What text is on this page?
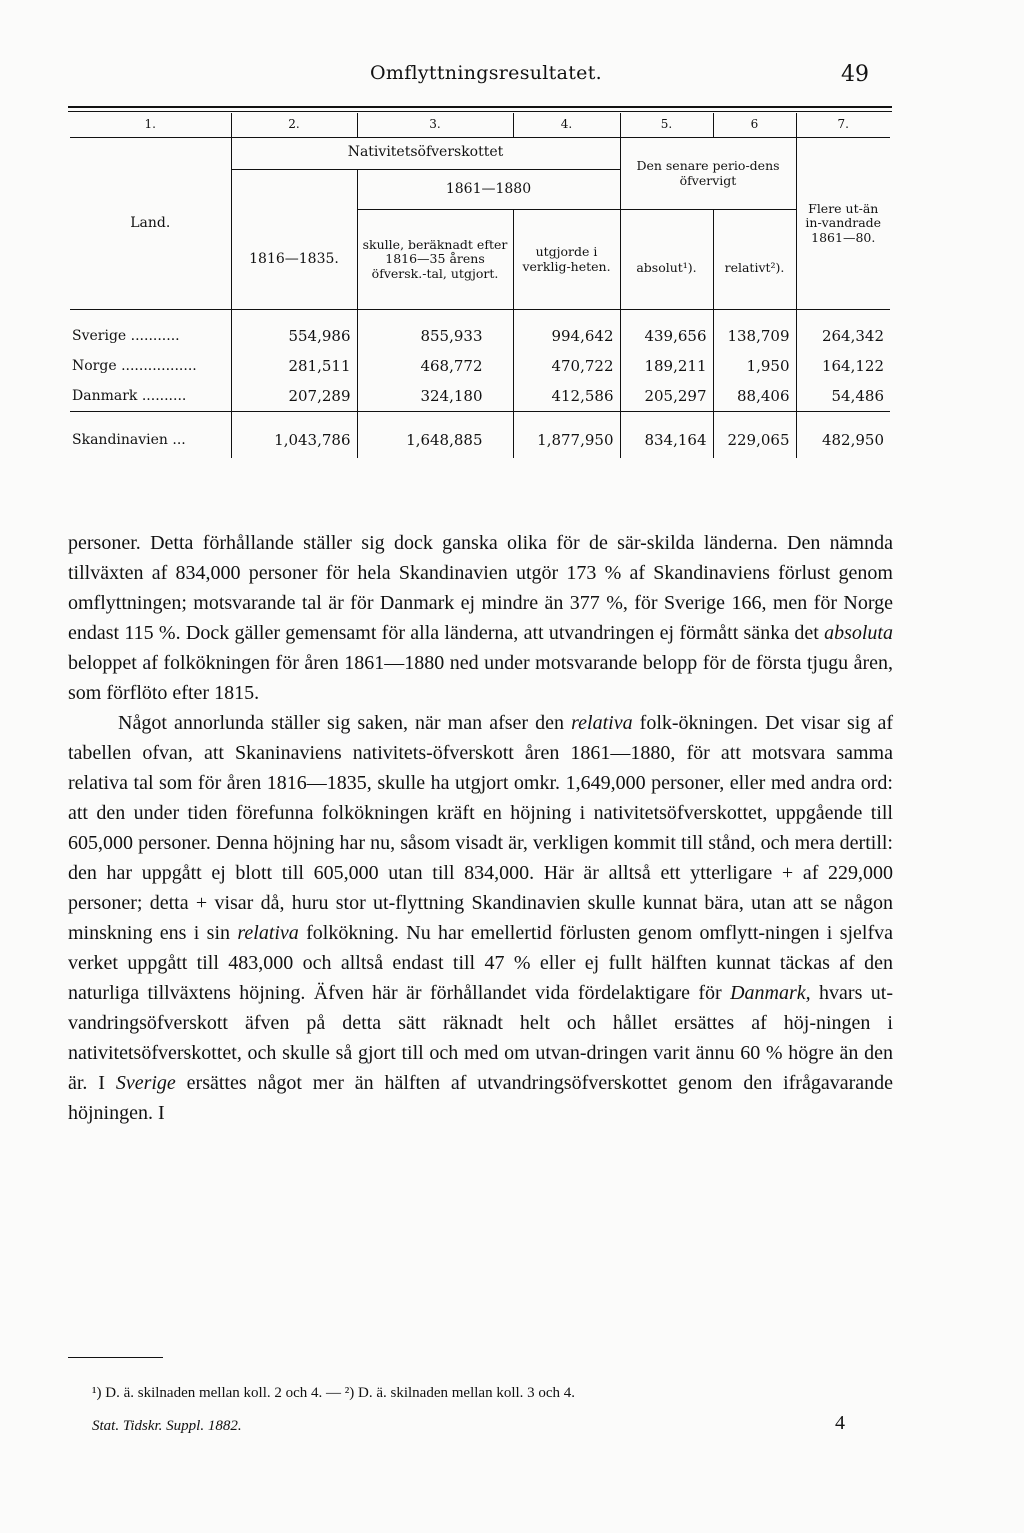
Omflyttningsresultatet.	49
1.	2.	3.	4.	5.	6	7.
Land.	Nativitetsöfverskottet			Den senare perio-dens öfvervigt		Flere ut-än in-vandrade 1861—80.
	1816—1835.	1861—1880				
		skulle, beräknadt efter 1816—35 årens öfversk.-tal, utgjort.	utgjorde i verklig-heten.	absolut¹).	relativt²).	

Sverige ...........	554,986	855,933	994,642	439,656	138,709	264,342
Norge .................	281,511	468,772	470,722	189,211	1,950	164,122
Danmark ..........	207,289	324,180	412,586	205,297	88,406	54,486

Skandinavien ...	1,043,786	1,648,885	1,877,950	834,164	229,065	482,950

personer. Detta förhållande ställer sig dock ganska olika för de sär-skilda länderna. Den nämnda tillväxten af 834,000 personer för hela Skandinavien utgör 173 % af Skandinaviens förlust genom omflyttningen; motsvarande tal är för Danmark ej mindre än 377 %, för Sverige 166, men för Norge endast 115 %. Dock gäller gemensamt för alla länderna, att utvandringen ej förmått sänka det absoluta beloppet af folkökningen för åren 1861—1880 ned under motsvarande belopp för de första tjugu åren, som förflöto efter 1815.

Något annorlunda ställer sig saken, när man afser den relativa folk-ökningen. Det visar sig af tabellen ofvan, att Skaninaviens nativitets-öfverskott åren 1861—1880, för att motsvara samma relativa tal som för åren 1816—1835, skulle ha utgjort omkr. 1,649,000 personer, eller med andra ord: att den under tiden förefunna folkökningen kräft en höjning i nativitetsöfverskottet, uppgående till 605,000 personer. Denna höjning har nu, såsom visadt är, verkligen kommit till stånd, och mera dertill: den har uppgått ej blott till 605,000 utan till 834,000. Här är alltså ett ytterligare + af 229,000 personer; detta + visar då, huru stor ut-flyttning Skandinavien skulle kunnat bära, utan att se någon minskning ens i sin relativa folkökning. Nu har emellertid förlusten genom omflytt-ningen i sjelfva verket uppgått till 483,000 och alltså endast till 47 % eller ej fullt hälften kunnat täckas af den naturliga tillväxtens höjning. Äfven här är förhållandet vida fördelaktigare för Danmark, hvars ut-vandringsöfverskott äfven på detta sätt räknadt helt och hållet ersättes af höj-ningen i nativitetsöfverskottet, och skulle så gjort till och med om utvan-dringen varit ännu 60 % högre än den är. I Sverige ersättes något mer än hälften af utvandringsöfverskottet genom den ifrågavarande höjningen. I

¹) D. ä. skilnaden mellan koll. 2 och 4. — ²) D. ä. skilnaden mellan koll. 3 och 4.
Stat. Tidskr. Suppl. 1882.	4
